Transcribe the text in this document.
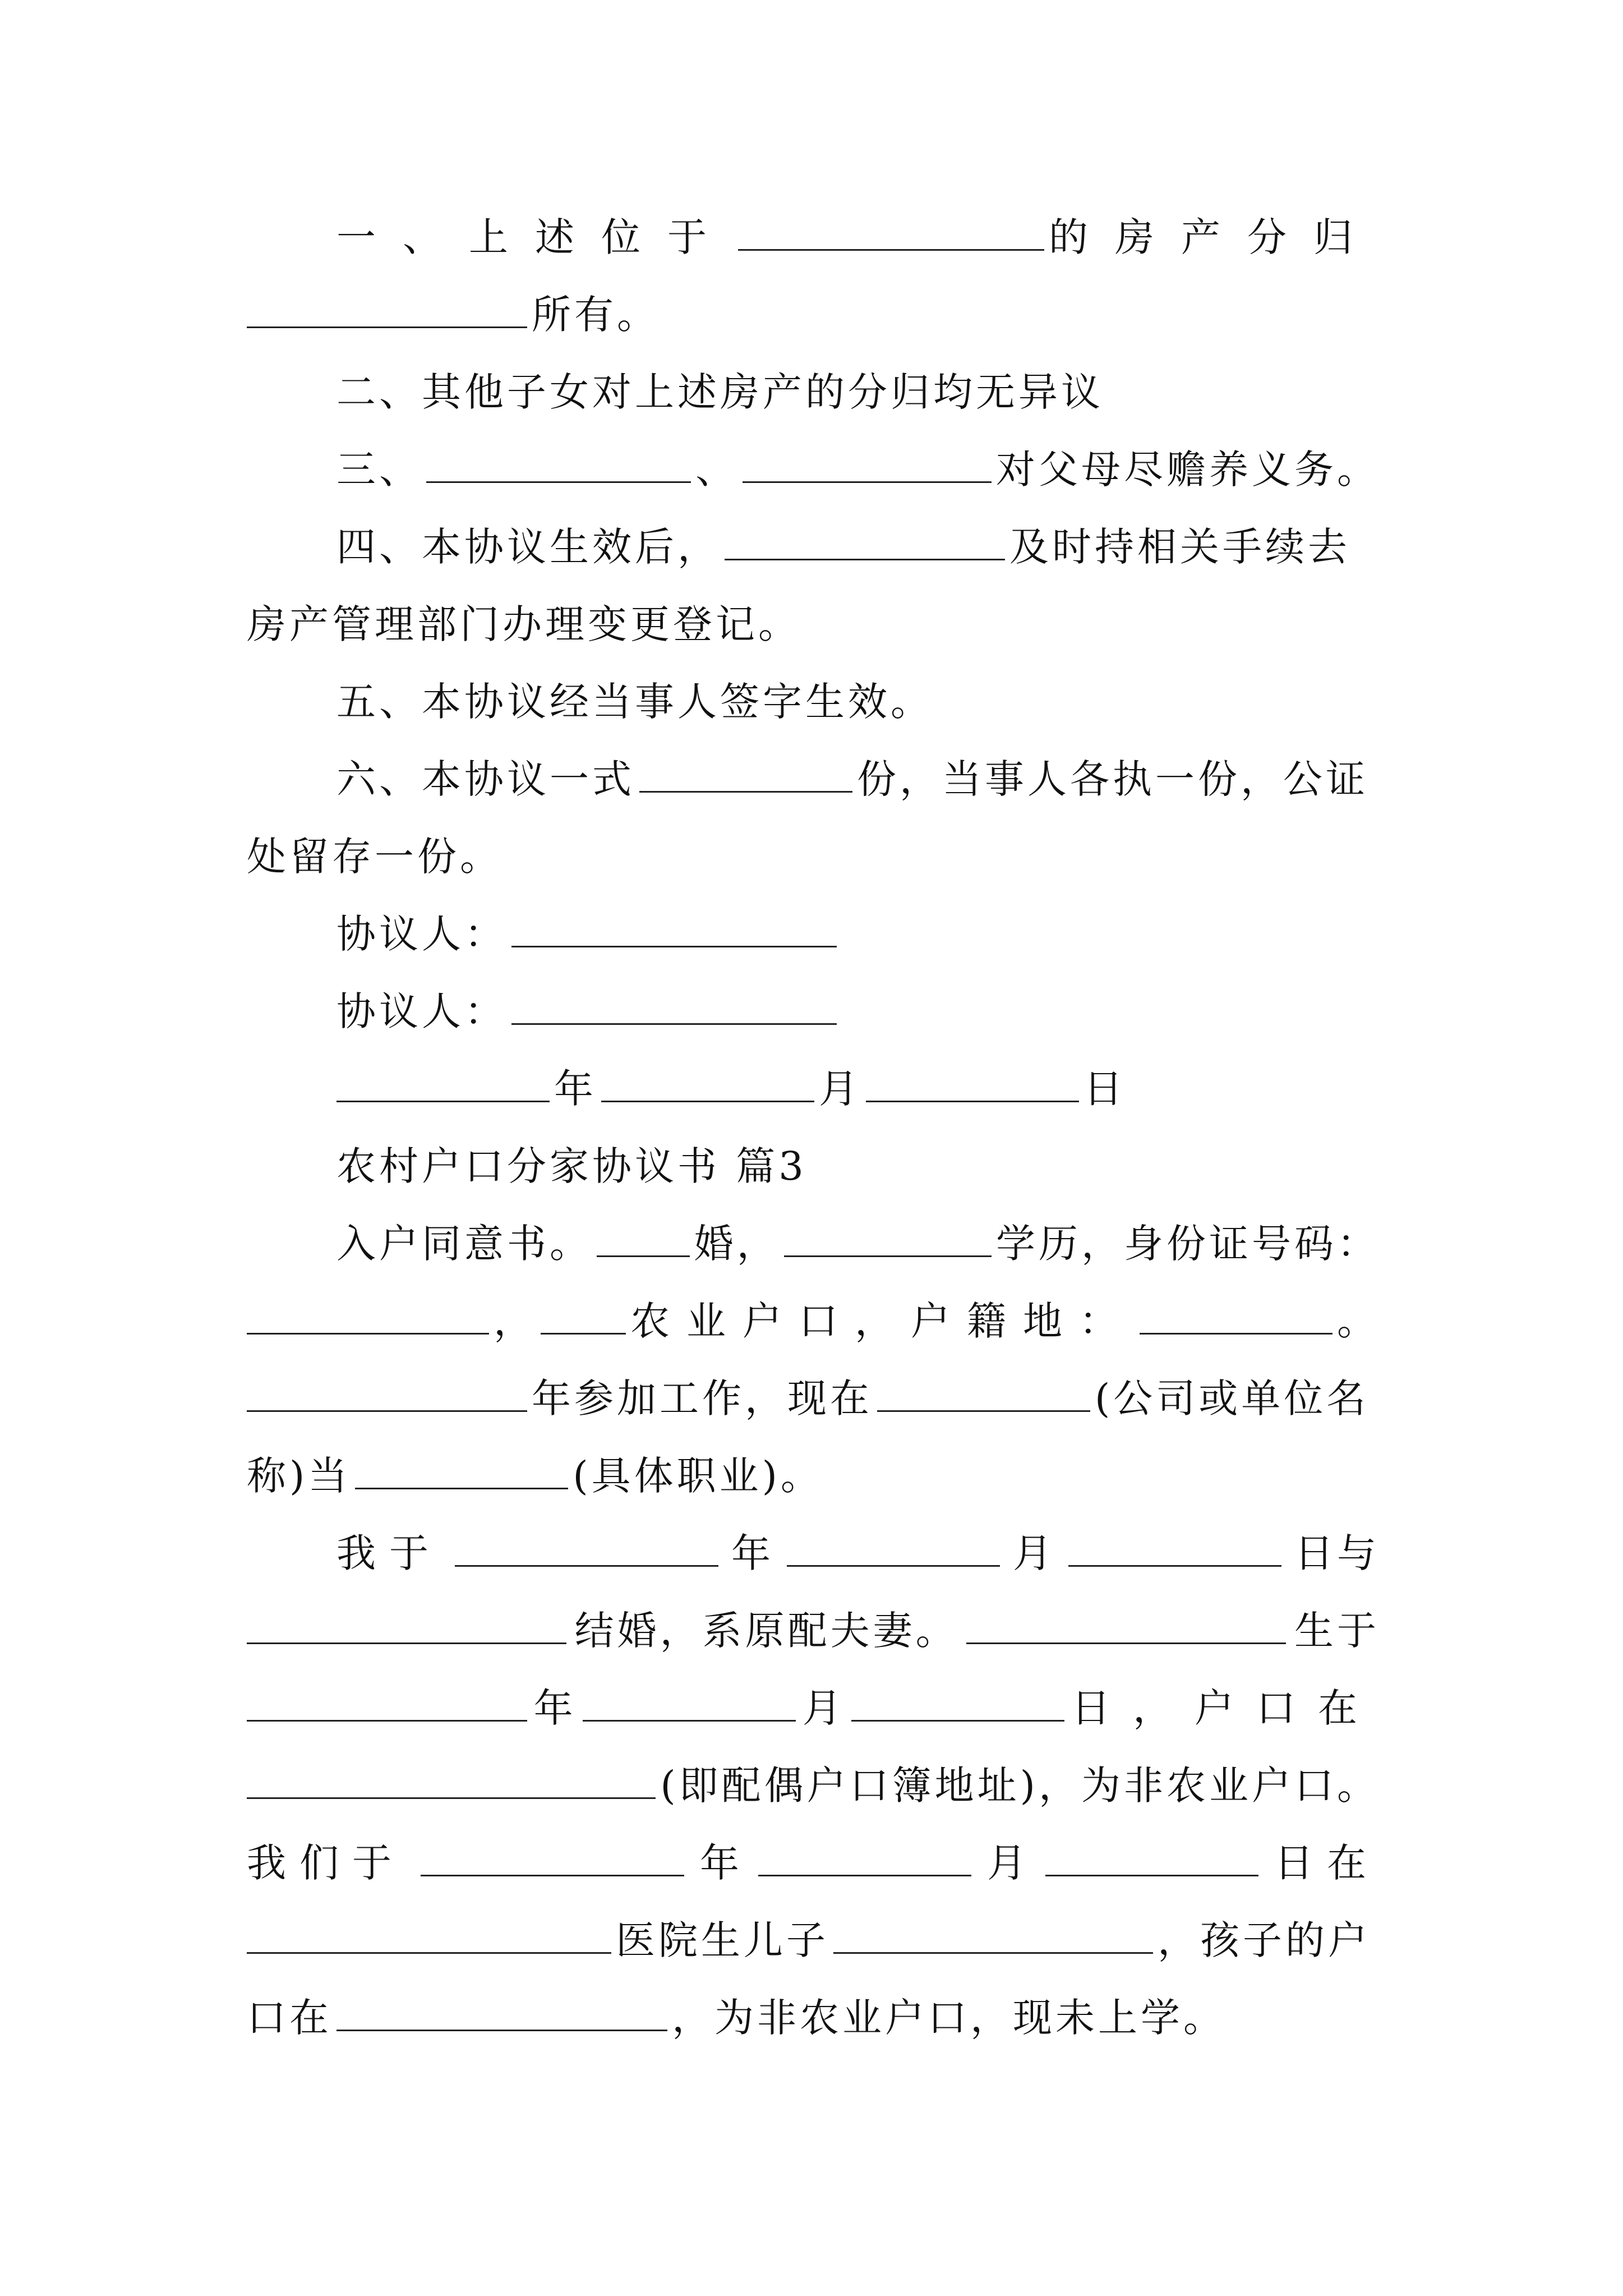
一、上述位于	的房产分归
所有。
二、其他子女对上述房产的分归均无异议
三、	、	对父母尽赡养义务。
四、本协议生效后，	及时持相关手续去
房产管理部门办理变更登记。
五、本协议经当事人签字生效。
六、本协议一式	份，当事人各执一份，公证
处留存一份。
协议人：
协议人：
年	月	日
农村户口分家协议书 篇3
入户同意书。	婚，	学历，身份证号码：
， 农业户口，户籍地：	。
年参加工作，现在	(公司或单位名
称)当	(具体职业)。
我于	年	月	日与
结婚，系原配夫妻。	生于
年	月	日，户口在
(即配偶户口簿地址)，为非农业户口。
我们于	年	月	日在
医院生儿子	，孩子的户
口在	，为非农业户口，现未上学。
